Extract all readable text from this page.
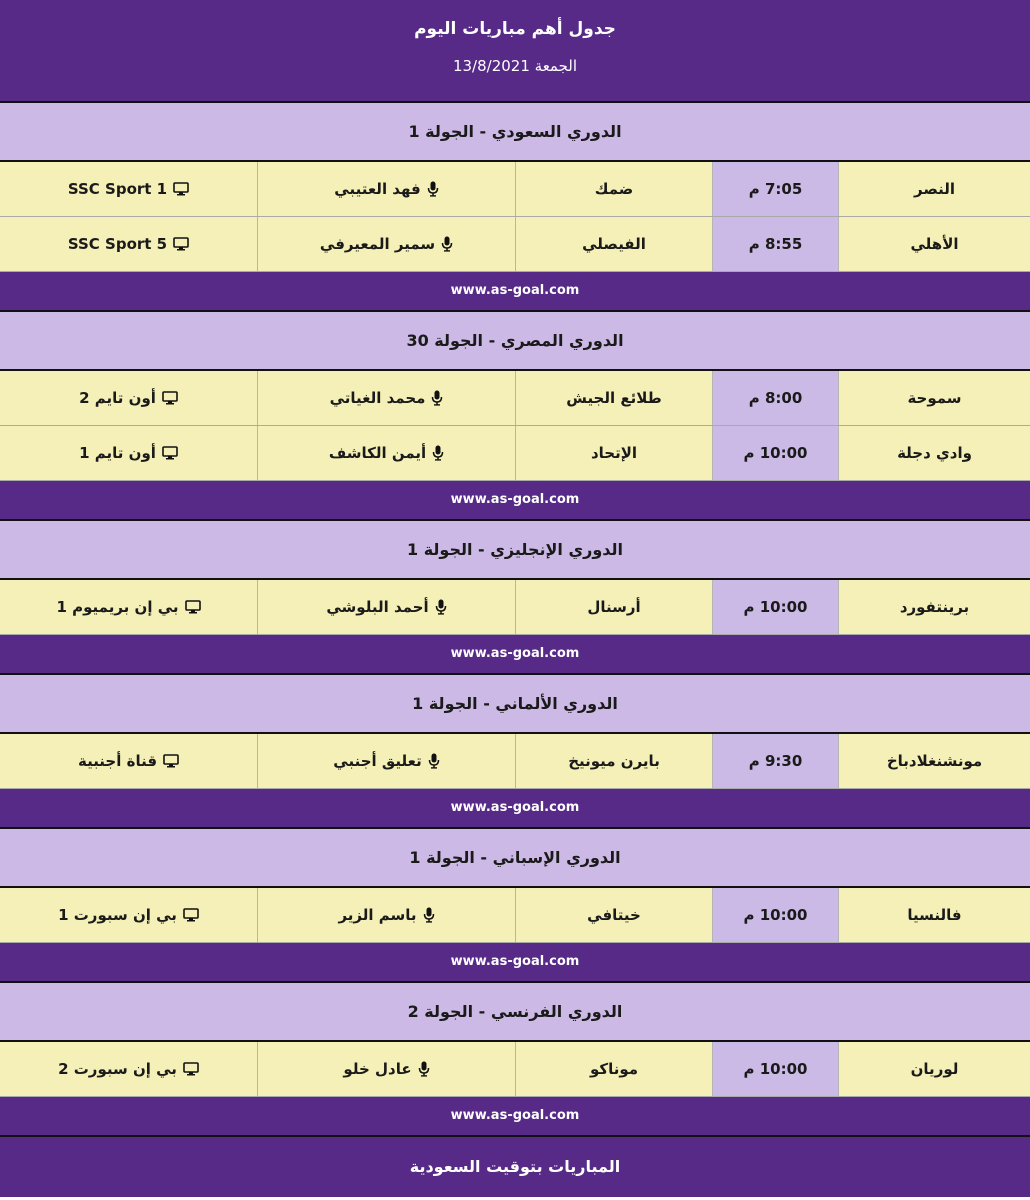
جدول أهم مباريات اليوم
الجمعة 13/8/2021
الدوري السعودي - الجولة 1
النصر
7:05 م
ضمك
فهد العتيبي
SSC Sport 1
الأهلي
8:55 م
الفيصلي
سمير المعيرفي
SSC Sport 5
www.as-goal.com
الدوري المصري - الجولة 30
سموحة
8:00 م
طلائع الجيش
محمد الغياتي
أون تايم 2
وادي دجلة
10:00 م
الإتحاد
أيمن الكاشف
أون تايم 1
www.as-goal.com
الدوري الإنجليزي - الجولة 1
برينتفورد
10:00 م
أرسنال
أحمد البلوشي
بي إن بريميوم 1
www.as-goal.com
الدوري الألماني - الجولة 1
مونشنغلادباخ
9:30 م
بايرن ميونيخ
تعليق أجنبي
قناة أجنبية
www.as-goal.com
الدوري الإسباني - الجولة 1
فالنسيا
10:00 م
خيتافي
باسم الزير
بي إن سبورت 1
www.as-goal.com
الدوري الفرنسي - الجولة 2
لوريان
10:00 م
موناكو
عادل خلو
بي إن سبورت 2
www.as-goal.com
المباريات بتوقيت السعودية
